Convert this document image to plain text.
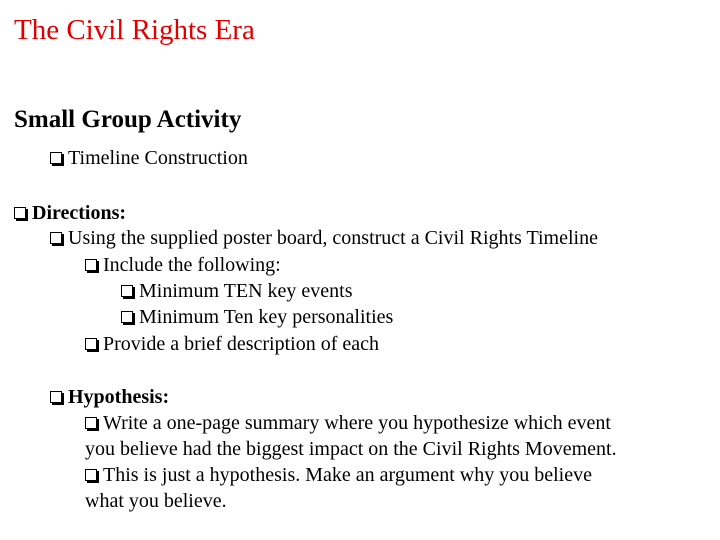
The Civil Rights Era
Small Group Activity
Timeline Construction
Directions:
Using the supplied poster board, construct a Civil Rights Timeline
Include the following:
Minimum TEN key events
Minimum Ten key personalities
Provide a brief description of each
Hypothesis:
Write a one-page summary where you hypothesize which event
you believe had the biggest impact on the Civil Rights Movement.
This is just a hypothesis. Make an argument why you believe
what you believe.
